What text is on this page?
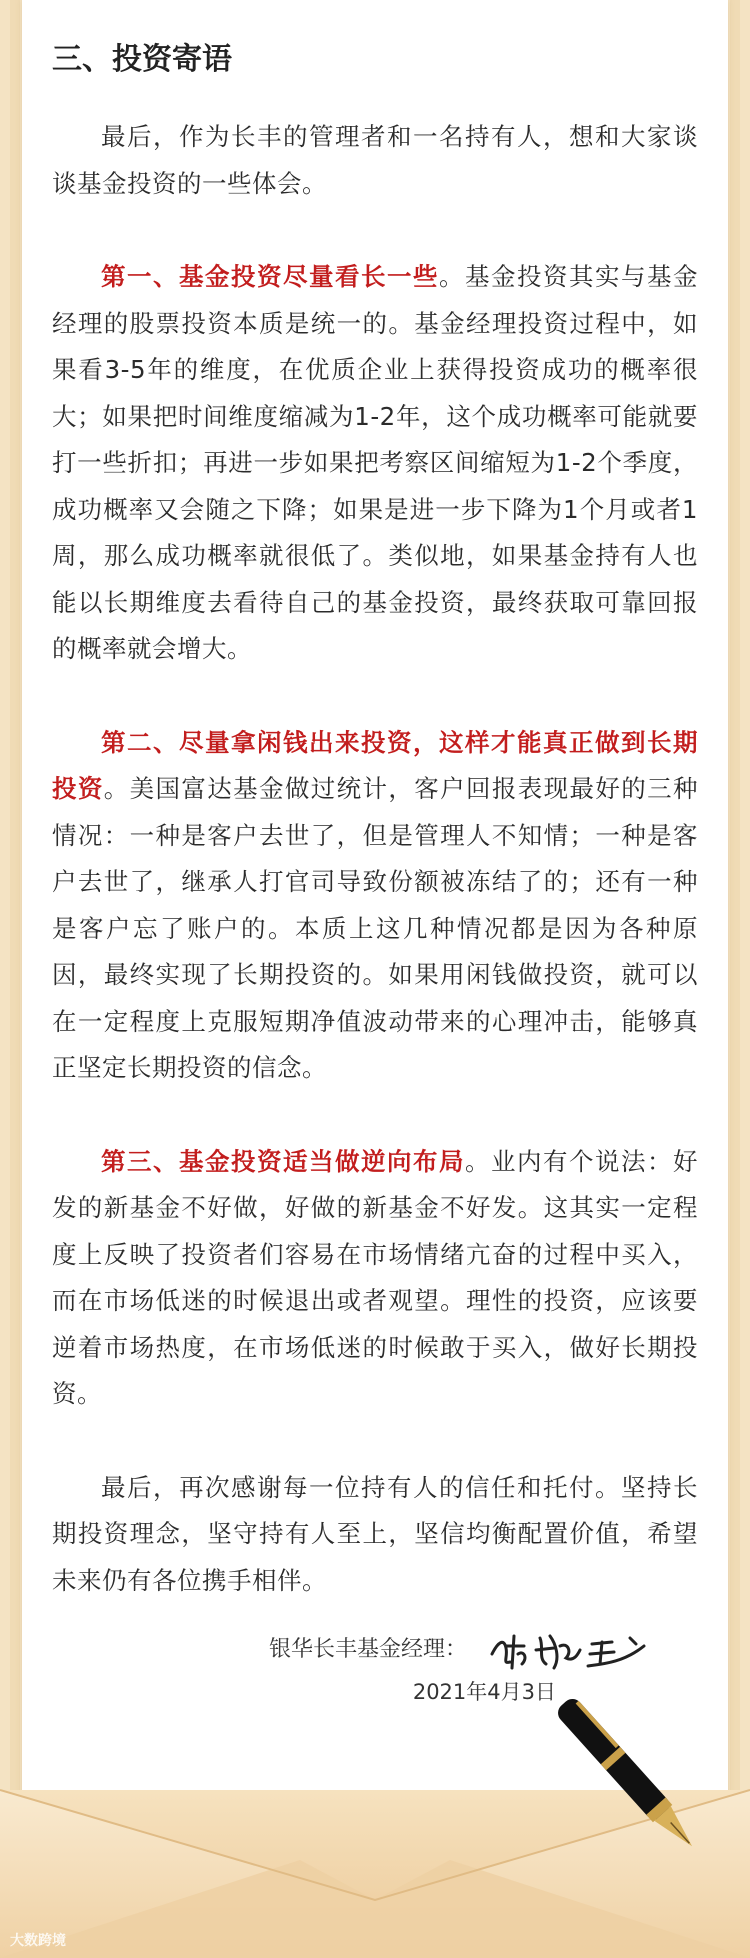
三、投资寄语

最后，作为长丰的管理者和一名持有人，想和大家谈谈基金投资的一些体会。

第一、基金投资尽量看长一些。基金投资其实与基金经理的股票投资本质是统一的。基金经理投资过程中，如果看3-5年的维度，在优质企业上获得投资成功的概率很大；如果把时间维度缩减为1-2年，这个成功概率可能就要打一些折扣；再进一步如果把考察区间缩短为1-2个季度，成功概率又会随之下降；如果是进一步下降为1个月或者1周，那么成功概率就很低了。类似地，如果基金持有人也能以长期维度去看待自己的基金投资，最终获取可靠回报的概率就会增大。

第二、尽量拿闲钱出来投资，这样才能真正做到长期投资。美国富达基金做过统计，客户回报表现最好的三种情况：一种是客户去世了，但是管理人不知情；一种是客户去世了，继承人打官司导致份额被冻结了的；还有一种是客户忘了账户的。本质上这几种情况都是因为各种原因，最终实现了长期投资的。如果用闲钱做投资，就可以在一定程度上克服短期净值波动带来的心理冲击，能够真正坚定长期投资的信念。

第三、基金投资适当做逆向布局。业内有个说法：好发的新基金不好做，好做的新基金不好发。这其实一定程度上反映了投资者们容易在市场情绪亢奋的过程中买入，而在市场低迷的时候退出或者观望。理性的投资，应该要逆着市场热度，在市场低迷的时候敢于买入，做好长期投资。

最后，再次感谢每一位持有人的信任和托付。坚持长期投资理念，坚守持有人至上，坚信均衡配置价值，希望未来仍有各位携手相伴。

银华长丰基金经理：
2021年4月3日
大数跨境
